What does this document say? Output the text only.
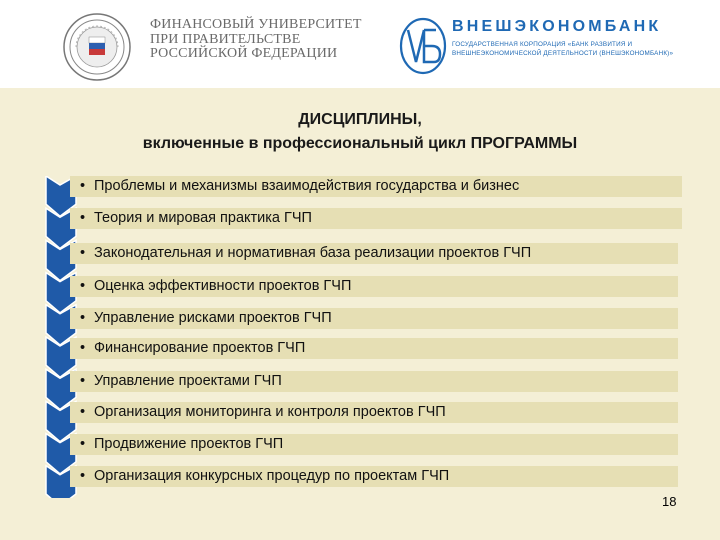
ФИНАНСОВЫЙ УНИВЕРСИТЕТ
ПРИ ПРАВИТЕЛЬСТВЕ
РОССИЙСКОЙ ФЕДЕРАЦИИ
ВНЕШЭКОНОМБАНК
ГОСУДАРСТВЕННАЯ КОРПОРАЦИЯ «БАНК РАЗВИТИЯ И
ВНЕШНЕЭКОНОМИЧЕСКОЙ ДЕЯТЕЛЬНОСТИ (ВНЕШЭКОНОМБАНК)»
ДИСЦИПЛИНЫ,
включенные в профессиональный цикл ПРОГРАММЫ
• Проблемы и механизмы взаимодействия государства и бизнес
• Теория и мировая практика ГЧП
• Законодательная и нормативная база реализации проектов ГЧП
• Оценка эффективности проектов ГЧП
• Управление рисками проектов ГЧП
• Финансирование проектов ГЧП
• Управление проектами ГЧП
• Организация мониторинга и контроля проектов ГЧП
• Продвижение проектов ГЧП
• Организация конкурсных процедур по проектам ГЧП
18
